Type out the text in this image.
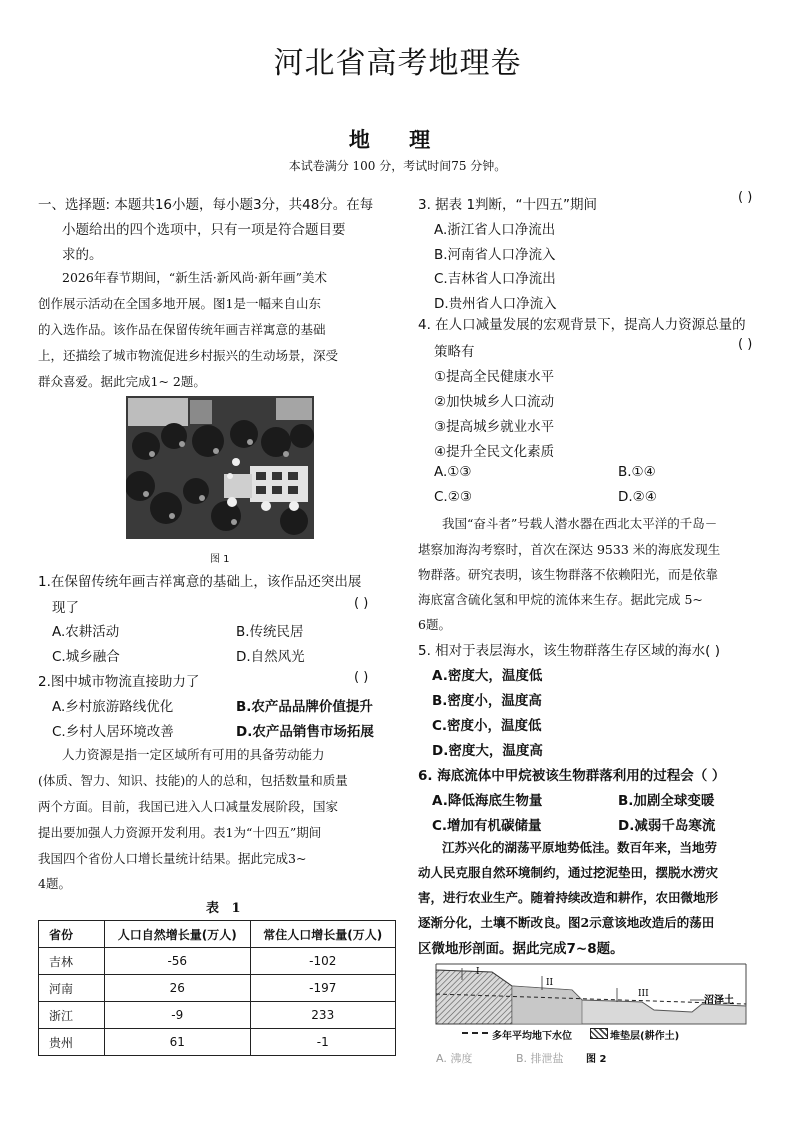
河北省高考地理卷
地 理
本试卷满分 100 分，考试时间75 分钟。
一、选择题: 本题共16小题，每小题3分，共48分。在每
小题给出的四个选项中，只有一项是符合题目要
求的。
2026年春节期间，“新生活·新风尚·新年画”美术
创作展示活动在全国多地开展。图1是一幅来自山东
的入选作品。该作品在保留传统年画吉祥寓意的基础
上，还描绘了城市物流促进乡村振兴的生动场景，深受
群众喜爱。据此完成1~ 2题。
图 1
1.在保留传统年画吉祥寓意的基础上，该作品还突出展
现了	( )
A.农耕活动	B.传统民居
C.城乡融合	D.自然风光
2.图中城市物流直接助力了	( )
A.乡村旅游路线优化	B.农产品品牌价值提升
C.乡村人居环境改善	D.农产品销售市场拓展
人力资源是指一定区域所有可用的具备劳动能力
(体质、智力、知识、技能)的人的总和，包括数量和质量
两个方面。目前，我国已进入人口减量发展阶段，国家
提出要加强人力资源开发利用。表1为“十四五”期间
我国四个省份人口增长量统计结果。据此完成3~
4题。
表 1
省份	人口自然增长量(万人)	常住人口增长量(万人)
吉林	-56	-102
河南	26	-197
浙江	-9	233
贵州	61	-1
3. 据表 1判断，“十四五”期间	( )
A.浙江省人口净流出
B.河南省人口净流入
C.吉林省人口净流出
D.贵州省人口净流入
4. 在人口减量发展的宏观背景下，提高人力资源总量的
策略有	( )
①提高全民健康水平
②加快城乡人口流动
③提高城乡就业水平
④提升全民文化素质
A.①③	B.①④
C.②③	D.②④
我国“奋斗者”号载人潜水器在西北太平洋的千岛－
堪察加海沟考察时，首次在深达 9533 米的海底发现生
物群落。研究表明，该生物群落不依赖阳光，而是依靠
海底富含硫化氢和甲烷的流体来生存。据此完成 5~
6题。
5. 相对于表层海水，该生物群落生存区域的海水( )
A.密度大，温度低
B.密度小，温度高
C.密度小，温度低
D.密度大，温度高
6. 海底流体中甲烷被该生物群落利用的过程会（ ）
A.降低海底生物量	B.加剧全球变暖
C.增加有机碳储量	D.减弱千岛寒流
江苏兴化的湖荡平原地势低洼。数百年来，当地劳
动人民克服自然环境制约，通过挖泥垫田，摆脱水涝灾
害，进行农业生产。随着持续改造和耕作，农田微地形
逐渐分化，土壤不断改良。图2示意该地改造后的荡田
区微地形剖面。据此完成7~8题。
I
II
III
沼泽土
多年平均地下水位	堆垫层(耕作土)
A. 沸度	B. 排泄盐 图 2
